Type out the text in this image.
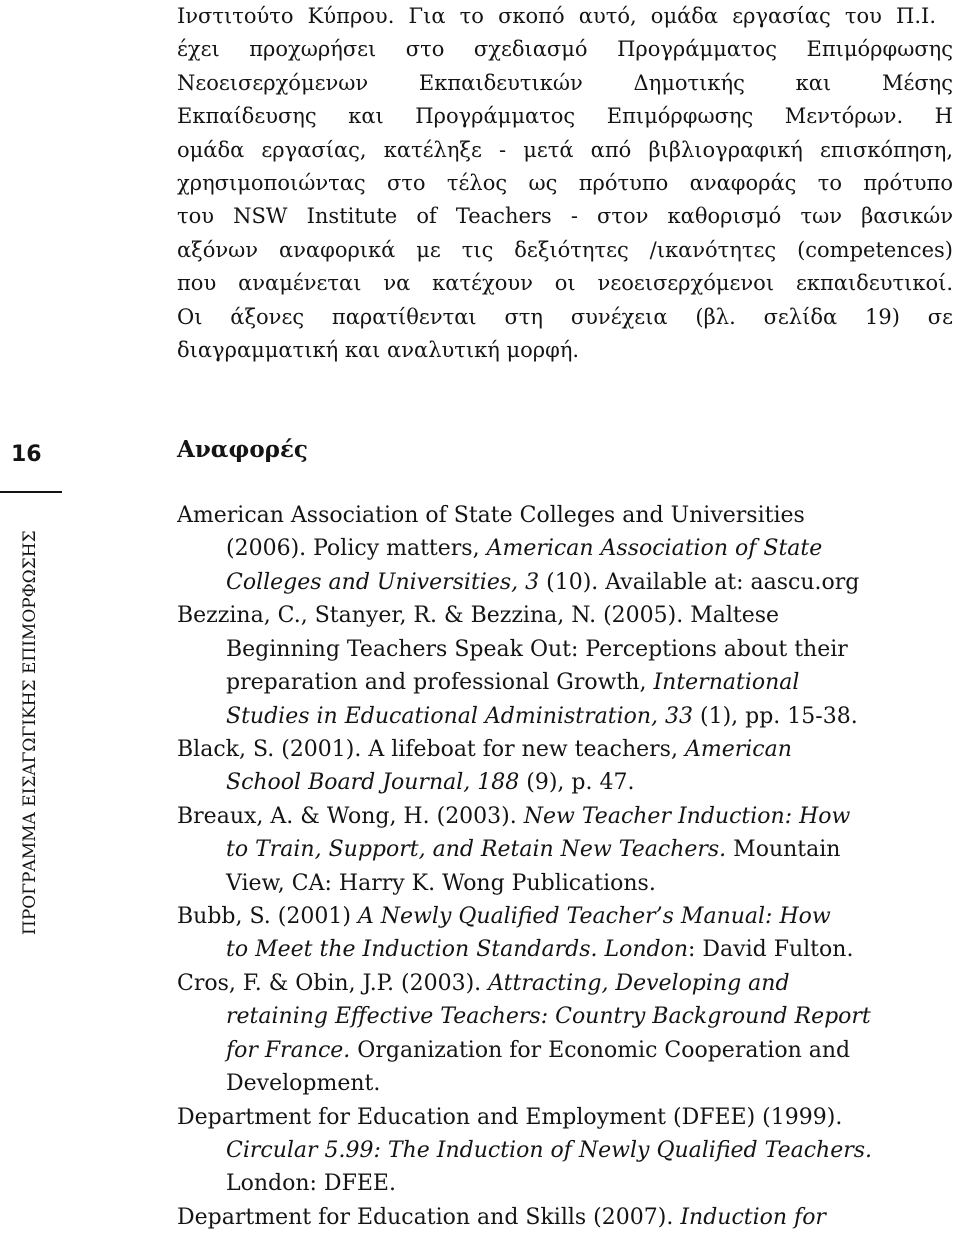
Ινστιτούτο Κύπρου. Για το σκοπό αυτό, ομάδα εργασίας του Π.Ι.
έχει προχωρήσει στο σχεδιασμό Προγράμματος Επιμόρφωσης
Νεοεισερχόμενων Εκπαιδευτικών Δημοτικής και Μέσης
Εκπαίδευσης και Προγράμματος Επιμόρφωσης Μεντόρων. Η
ομάδα εργασίας, κατέληξε - μετά από βιβλιογραφική επισκόπηση,
χρησιμοποιώντας στο τέλος ως πρότυπο αναφοράς το πρότυπο
του NSW Institute of Teachers - στον καθορισμό των βασικών
αξόνων αναφορικά με τις δεξιότητες /ικανότητες (competences)
που αναμένεται να κατέχουν οι νεοεισερχόμενοι εκπαιδευτικοί.
Οι άξονες παρατίθενται στη συνέχεια (βλ. σελίδα 19) σε
διαγραμματική και αναλυτική μορφή.
16
ΠΡΟΓΡΑΜΜΑ ΕΙΣΑΓΩΓΙΚΗΣ ΕΠΙΜΟΡΦΩΣΗΣ
Αναφορές
American Association of State Colleges and Universities
(2006). Policy matters, American Association of State
Colleges and Universities, 3 (10). Available at: aascu.org
Bezzina, C., Stanyer, R. & Bezzina, N. (2005). Maltese
Beginning Teachers Speak Out: Perceptions about their
preparation and professional Growth, International
Studies in Educational Administration, 33 (1), pp. 15-38.
Black, S. (2001). A lifeboat for new teachers, American
School Board Journal, 188 (9), p. 47.
Breaux, A. & Wong, H. (2003). New Teacher Induction: How
to Train, Support, and Retain New Teachers. Mountain
View, CA: Harry K. Wong Publications.
Bubb, S. (2001) A Newly Qualified Teacher’s Manual: How
to Meet the Induction Standards. London: David Fulton.
Cros, F. & Obin, J.P. (2003). Attracting, Developing and
retaining Effective Teachers: Country Background Report
for France. Organization for Economic Cooperation and
Development.
Department for Education and Employment (DFEE) (1999).
Circular 5.99: The Induction of Newly Qualified Teachers.
London: DFEE.
Department for Education and Skills (2007). Induction for
